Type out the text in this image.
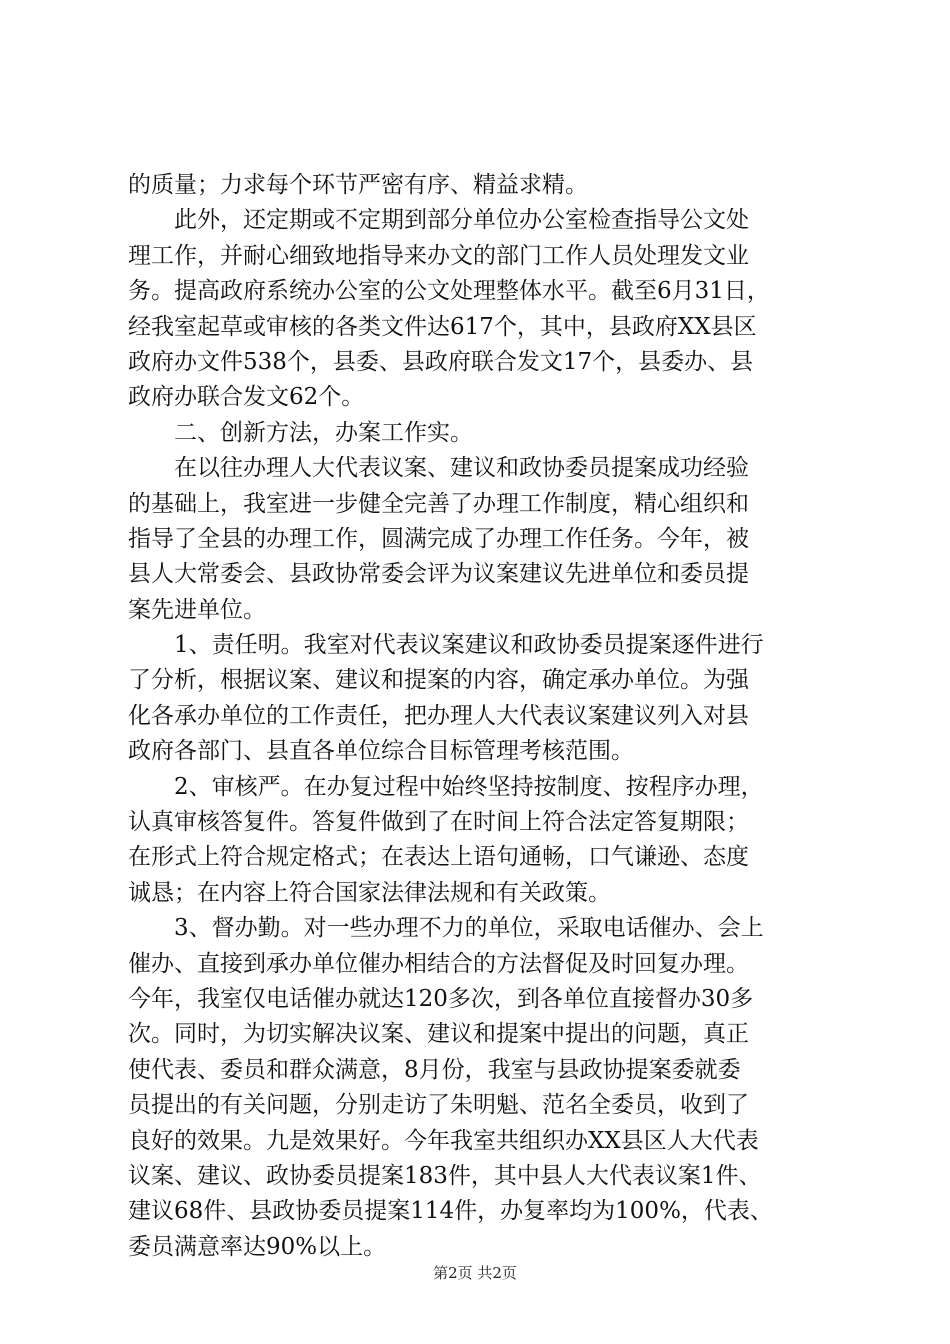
的质量；力求每个环节严密有序、精益求精。
　　此外，还定期或不定期到部分单位办公室检查指导公文处
理工作，并耐心细致地指导来办文的部门工作人员处理发文业
务。提高政府系统办公室的公文处理整体水平。截至6月31日，
经我室起草或审核的各类文件达617个，其中，县政府XX县区
政府办文件538个，县委、县政府联合发文17个，县委办、县
政府办联合发文62个。
　　二、创新方法，办案工作实。
　　在以往办理人大代表议案、建议和政协委员提案成功经验
的基础上，我室进一步健全完善了办理工作制度，精心组织和
指导了全县的办理工作，圆满完成了办理工作任务。今年，被
县人大常委会、县政协常委会评为议案建议先进单位和委员提
案先进单位。
　　1、责任明。我室对代表议案建议和政协委员提案逐件进行
了分析，根据议案、建议和提案的内容，确定承办单位。为强
化各承办单位的工作责任，把办理人大代表议案建议列入对县
政府各部门、县直各单位综合目标管理考核范围。
　　2、审核严。在办复过程中始终坚持按制度、按程序办理，
认真审核答复件。答复件做到了在时间上符合法定答复期限；
在形式上符合规定格式；在表达上语句通畅，口气谦逊、态度
诚恳；在内容上符合国家法律法规和有关政策。
　　3、督办勤。对一些办理不力的单位，采取电话催办、会上
催办、直接到承办单位催办相结合的方法督促及时回复办理。
今年，我室仅电话催办就达120多次，到各单位直接督办30多
次。同时，为切实解决议案、建议和提案中提出的问题，真正
使代表、委员和群众满意，8月份，我室与县政协提案委就委
员提出的有关问题，分别走访了朱明魁、范名全委员，收到了
良好的效果。九是效果好。今年我室共组织办XX县区人大代表
议案、建议、政协委员提案183件，其中县人大代表议案1件、
建议68件、县政协委员提案114件，办复率均为100%，代表、
委员满意率达90%以上。
第2页 共2页
